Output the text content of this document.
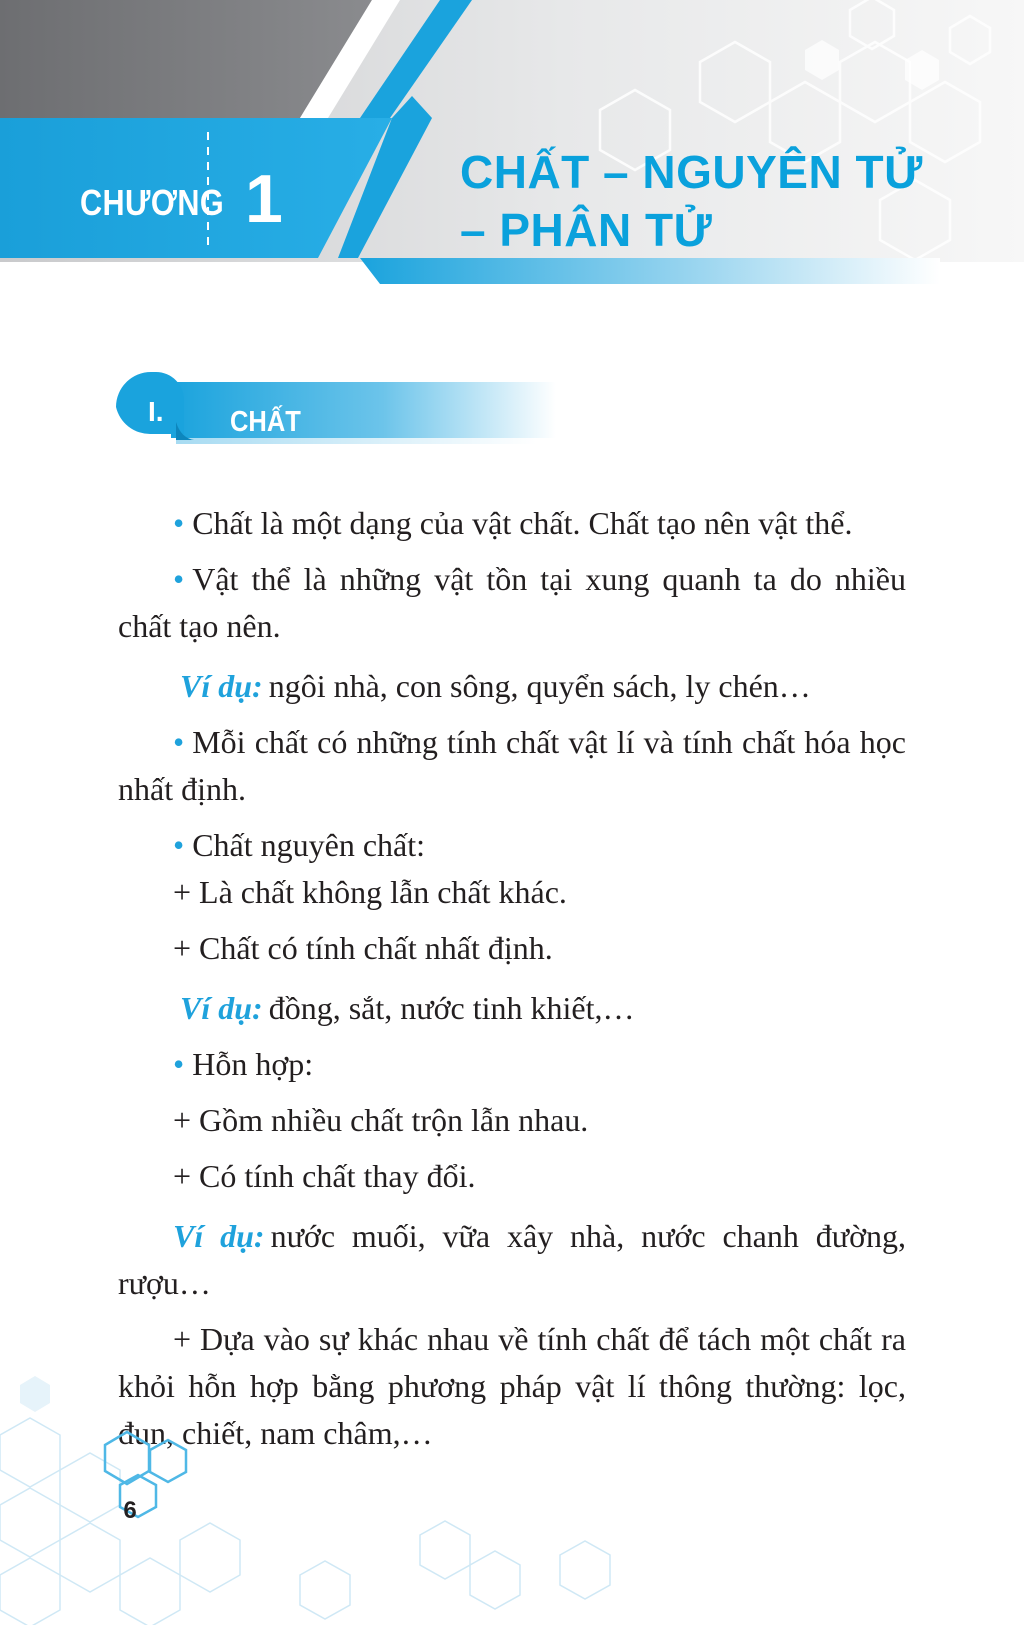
CHƯƠNG 1	CHẤT – NGUYÊN TỬ
– PHÂN TỬ
I. CHẤT

• Chất là một dạng của vật chất. Chất tạo nên vật thể.

• Vật thể là những vật tồn tại xung quanh ta do nhiều chất tạo nên.

Ví dụ: ngôi nhà, con sông, quyển sách, ly chén…

• Mỗi chất có những tính chất vật lí và tính chất hóa học nhất định.

• Chất nguyên chất:

+ Là chất không lẫn chất khác.

+ Chất có tính chất nhất định.

Ví dụ: đồng, sắt, nước tinh khiết,…

• Hỗn hợp:

+ Gồm nhiều chất trộn lẫn nhau.

+ Có tính chất thay đổi.

Ví dụ: nước muối, vữa xây nhà, nước chanh đường, rượu…

+ Dựa vào sự khác nhau về tính chất để tách một chất ra khỏi hỗn hợp bằng phương pháp vật lí thông thường: lọc, đun, chiết, nam châm,…

6
